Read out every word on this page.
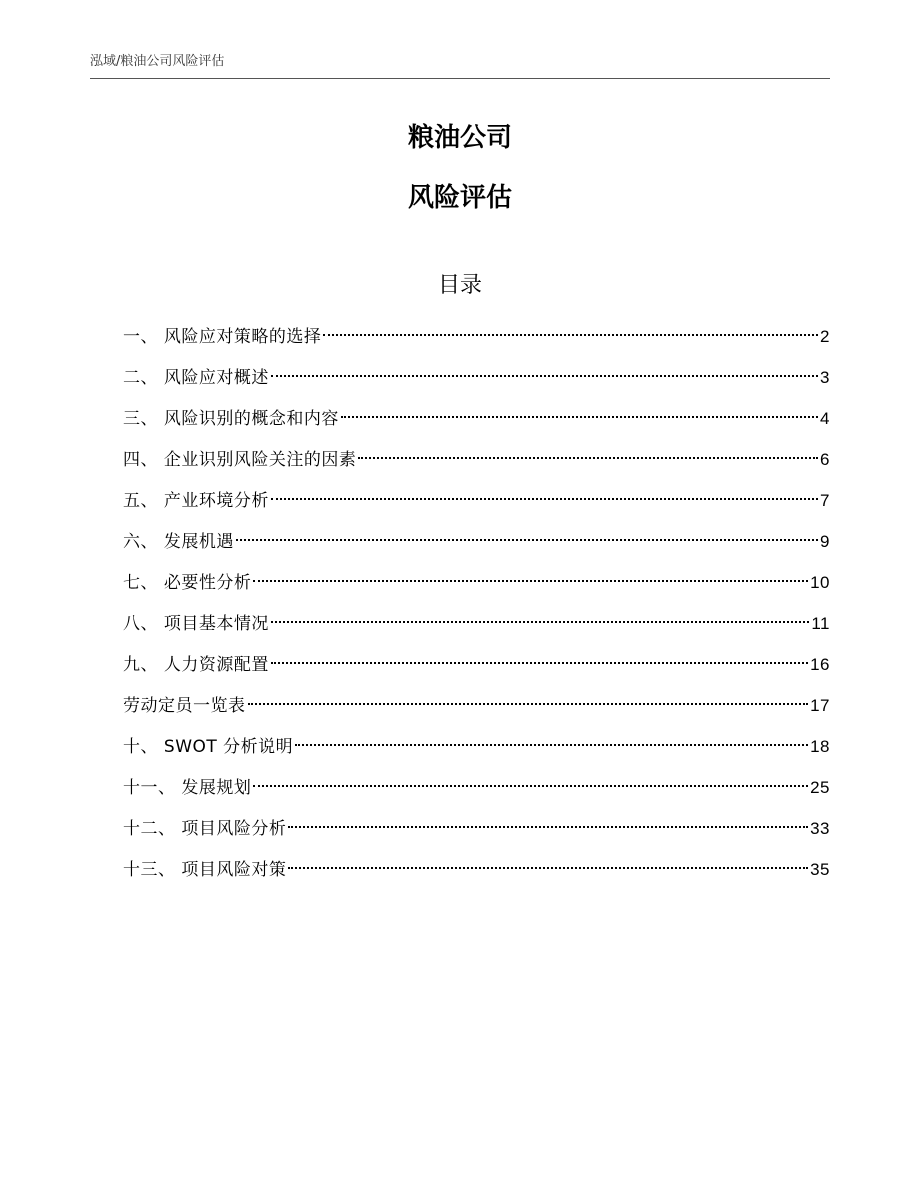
泓域/粮油公司风险评估
粮油公司
风险评估
目录
一、 风险应对策略的选择	2
二、 风险应对概述	3
三、 风险识别的概念和内容	4
四、 企业识别风险关注的因素	6
五、 产业环境分析	7
六、 发展机遇	9
七、 必要性分析	10
八、 项目基本情况	11
九、 人力资源配置	16
劳动定员一览表	17
十、 SWOT 分析说明	18
十一、 发展规划	25
十二、 项目风险分析	33
十三、 项目风险对策	35
